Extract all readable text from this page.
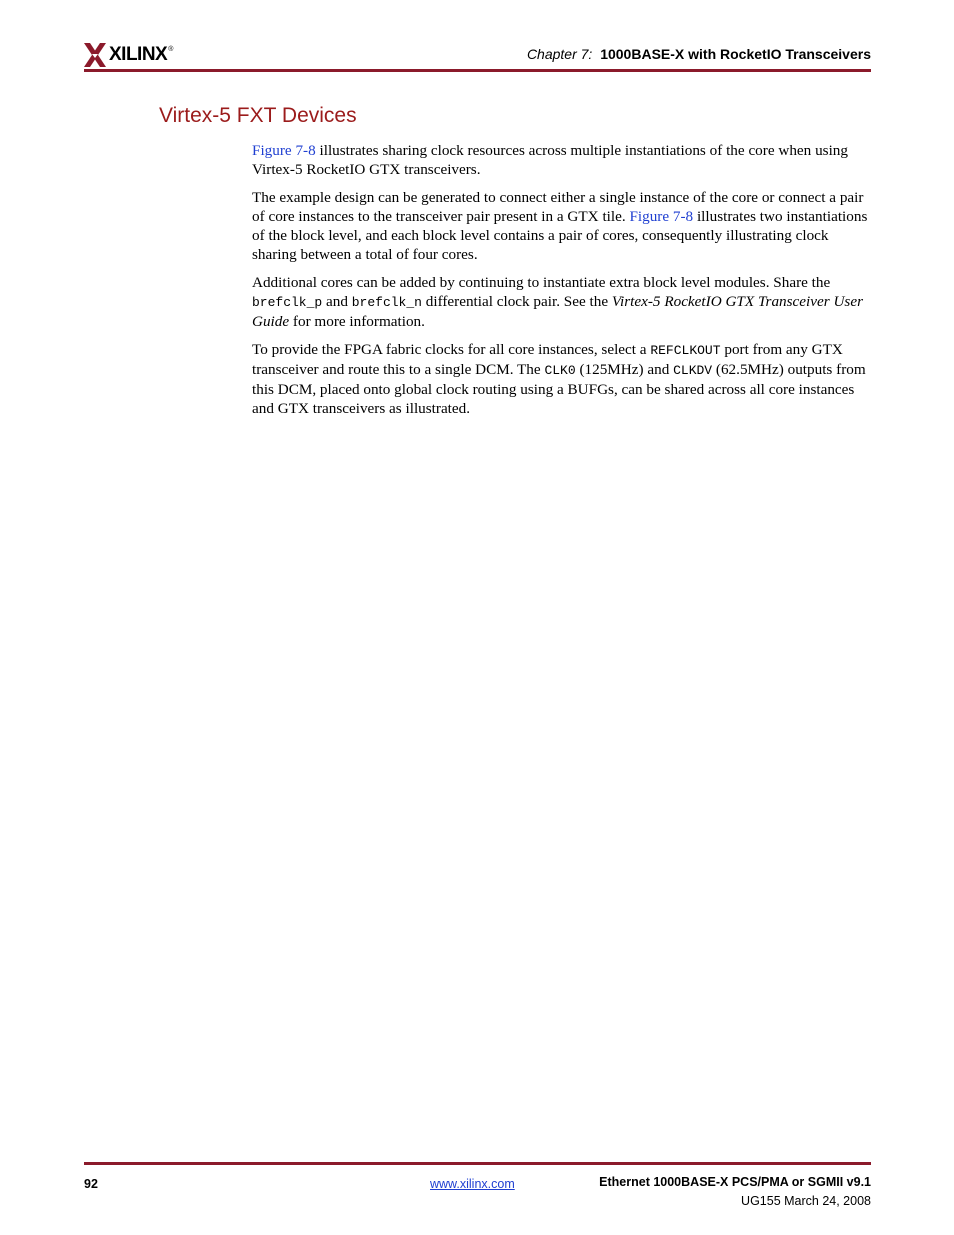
XILINX ®	Chapter 7: 1000BASE-X with RocketIO Transceivers
Virtex-5 FXT Devices

Figure 7-8 illustrates sharing clock resources across multiple instantiations of the core when using Virtex-5 RocketIO GTX transceivers.

The example design can be generated to connect either a single instance of the core or connect a pair of core instances to the transceiver pair present in a GTX tile. Figure 7-8 illustrates two instantiations of the block level, and each block level contains a pair of cores, consequently illustrating clock sharing between a total of four cores.

Additional cores can be added by continuing to instantiate extra block level modules. Share the brefclk_p and brefclk_n differential clock pair. See the Virtex-5 RocketIO GTX Transceiver User Guide for more information.

To provide the FPGA fabric clocks for all core instances, select a REFCLKOUT port from any GTX transceiver and route this to a single DCM. The CLK0 (125MHz) and CLKDV (62.5MHz) outputs from this DCM, placed onto global clock routing using a BUFGs, can be shared across all core instances and GTX transceivers as illustrated.

92	www.xilinx.com	Ethernet 1000BASE-X PCS/PMA or SGMII v9.1
UG155 March 24, 2008
